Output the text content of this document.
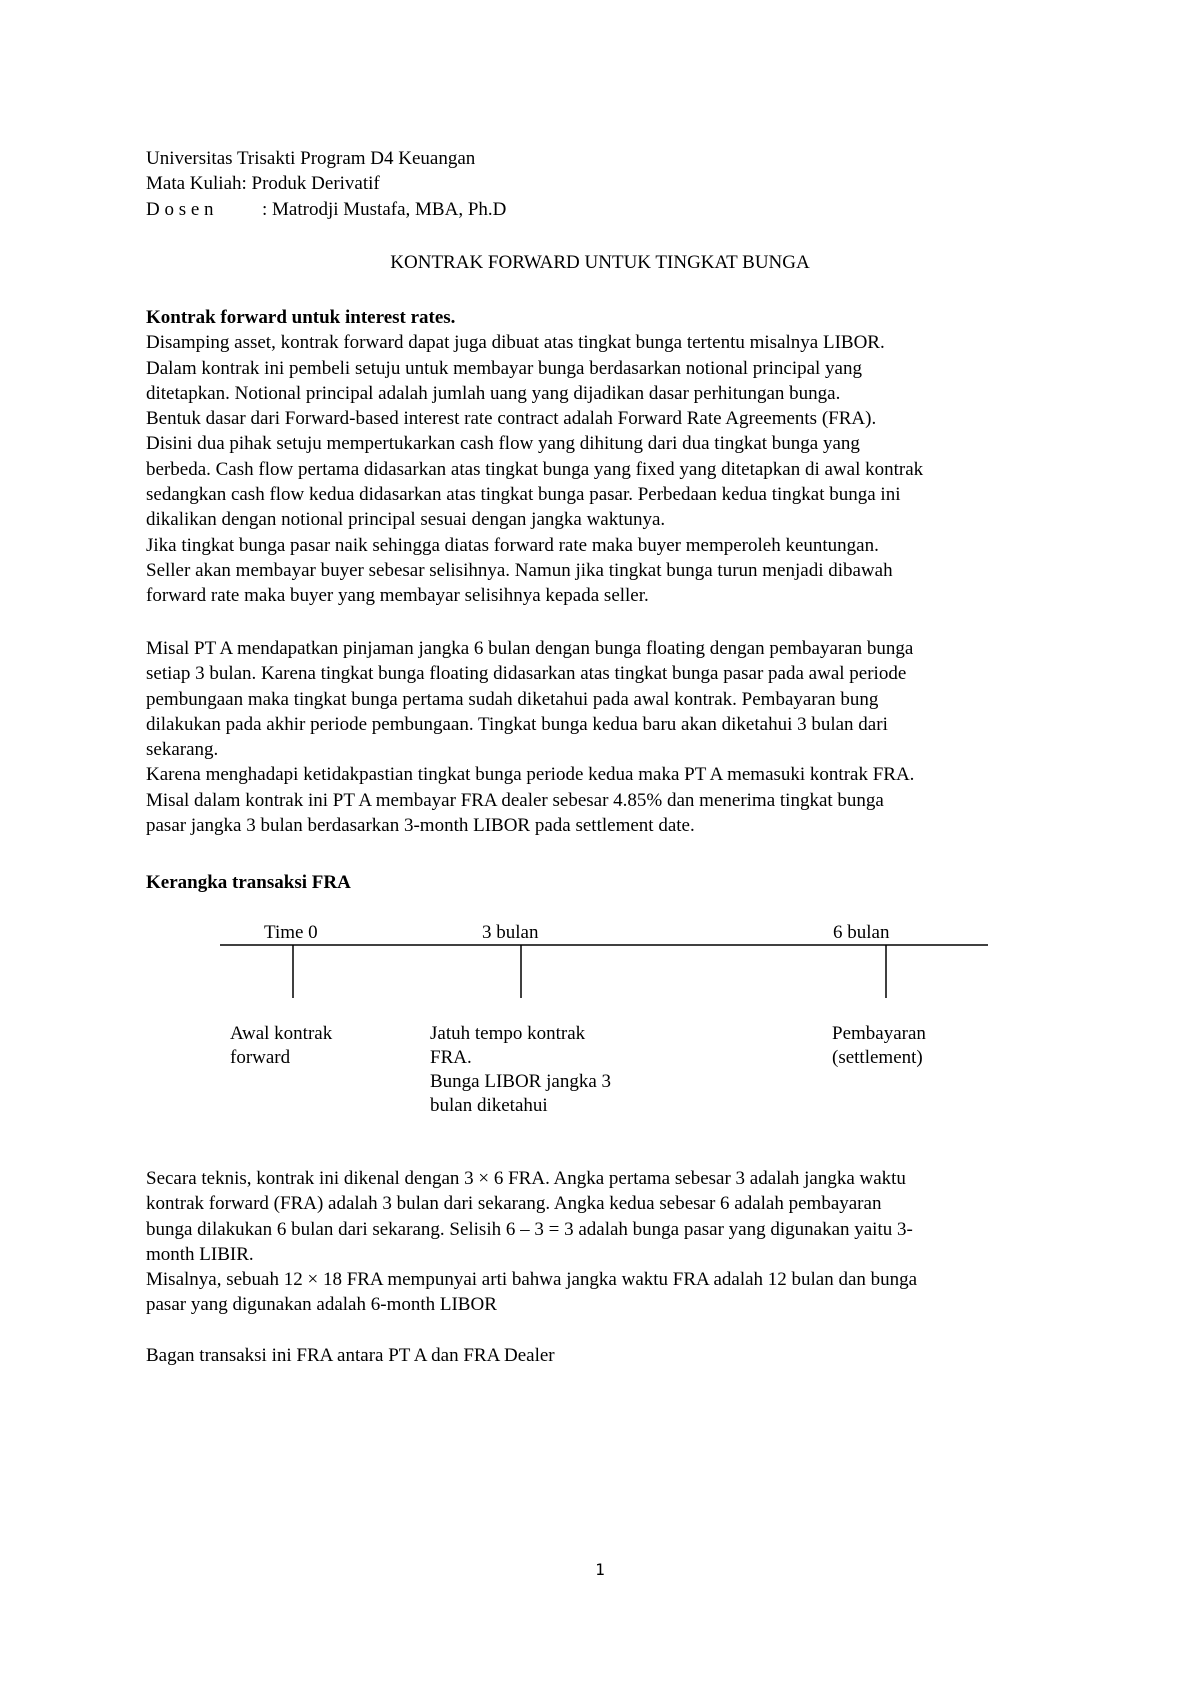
Universitas Trisakti Program D4 Keuangan
Mata Kuliah: Produk Derivatif
D o s e n	: Matrodji Mustafa, MBA, Ph.D
KONTRAK FORWARD UNTUK TINGKAT BUNGA
Kontrak forward untuk interest rates.
Disamping asset, kontrak forward dapat juga dibuat atas tingkat bunga tertentu misalnya LIBOR.
Dalam kontrak ini pembeli setuju untuk membayar bunga berdasarkan notional principal yang
ditetapkan. Notional principal adalah jumlah uang yang dijadikan dasar perhitungan bunga.
Bentuk dasar dari Forward-based interest rate contract adalah Forward Rate Agreements (FRA).
Disini dua pihak setuju mempertukarkan cash flow yang dihitung dari dua tingkat bunga yang
berbeda. Cash flow pertama didasarkan atas tingkat bunga yang fixed yang ditetapkan di awal kontrak
sedangkan cash flow kedua didasarkan atas tingkat bunga pasar. Perbedaan kedua tingkat bunga ini
dikalikan dengan notional principal sesuai dengan jangka waktunya.
Jika tingkat bunga pasar naik sehingga diatas forward rate maka buyer memperoleh keuntungan.
Seller akan membayar buyer sebesar selisihnya. Namun jika tingkat bunga turun menjadi dibawah
forward rate maka buyer yang membayar selisihnya kepada seller.
Misal PT A mendapatkan pinjaman jangka 6 bulan dengan bunga floating dengan pembayaran bunga
setiap 3 bulan. Karena tingkat bunga floating didasarkan atas tingkat bunga pasar pada awal periode
pembungaan maka tingkat bunga pertama sudah diketahui pada awal kontrak. Pembayaran bung
dilakukan pada akhir periode pembungaan. Tingkat bunga kedua baru akan diketahui 3 bulan dari
sekarang.
Karena menghadapi ketidakpastian tingkat bunga periode kedua maka PT A memasuki kontrak FRA.
Misal dalam kontrak ini PT A membayar FRA dealer sebesar 4.85% dan menerima tingkat bunga
pasar jangka 3 bulan berdasarkan 3-month LIBOR pada settlement date.
Kerangka transaksi FRA
Time 0	3 bulan	6 bulan
Awal kontrak
forward
Jatuh tempo kontrak
FRA.
Bunga LIBOR jangka 3
bulan diketahui
Pembayaran
(settlement)
Secara teknis, kontrak ini dikenal dengan 3 × 6 FRA. Angka pertama sebesar 3 adalah jangka waktu
kontrak forward (FRA) adalah 3 bulan dari sekarang. Angka kedua sebesar 6 adalah pembayaran
bunga dilakukan 6 bulan dari sekarang. Selisih 6 – 3 = 3 adalah bunga pasar yang digunakan yaitu 3-
month LIBIR.
Misalnya, sebuah 12 × 18 FRA mempunyai arti bahwa jangka waktu FRA adalah 12 bulan dan bunga
pasar yang digunakan adalah 6-month LIBOR
Bagan transaksi ini FRA antara PT A dan FRA Dealer
1
